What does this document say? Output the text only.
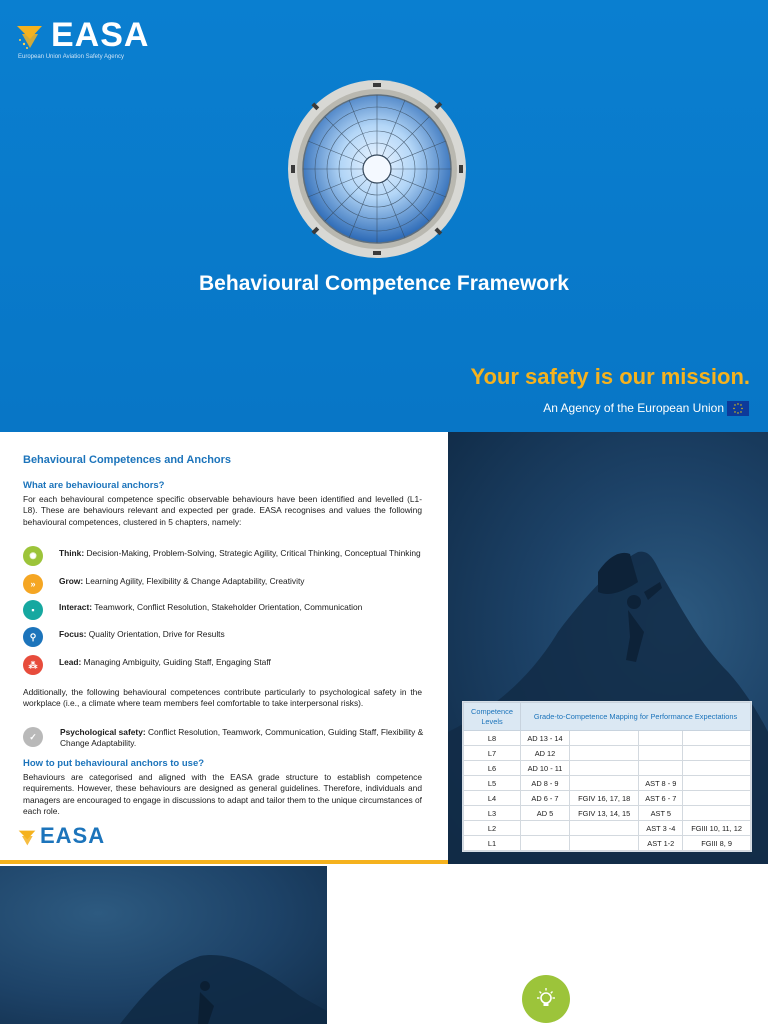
EASA
European Union Aviation Safety Agency
Behavioural Competence Framework
Your safety is our mission.
An Agency of the European Union
Behavioural Competences and Anchors
What are behavioural anchors?

For each behavioural competence specific observable behaviours have been identified and levelled (L1-L8). These are behaviours relevant and expected per grade. EASA recognises and values the following behavioural competences, clustered in 5 chapters, namely:

✺	Think: Decision-Making, Problem-Solving, Strategic Agility, Critical Thinking, Conceptual Thinking
»	Grow: Learning Agility, Flexibility & Change Adaptability, Creativity
▪	Interact: Teamwork, Conflict Resolution, Stakeholder Orientation, Communication
⚲	Focus: Quality Orientation, Drive for Results
⁂	Lead: Managing Ambiguity, Guiding Staff, Engaging Staff

Additionally, the following behavioural competences contribute particularly to psychological safety in the workplace (i.e., a climate where team members feel comfortable to take interpersonal risks).

✓	Psychological safety: Conflict Resolution, Teamwork, Communication, Guiding Staff, Flexibility & Change Adaptability.
How to put behavioural anchors to use?

Behaviours are categorised and aligned with the EASA grade structure to establish competence requirements. However, these behaviours are designed as general guidelines. Therefore, individuals and managers are encouraged to engage in discussions to adapt and tailor them to the unique circumstances of each role.

EASA
Competence Levels	Grade-to-Competence Mapping for Performance Expectations			
L8	AD 13 - 14			
L7	AD 12			
L6	AD 10 - 11			
L5	AD 8 - 9		AST 8 - 9	
L4	AD 6 - 7	FGIV 16, 17, 18	AST 6 - 7	
L3	AD 5	FGIV 13, 14, 15	AST 5	
L2			AST 3 -4	FGIII 10, 11, 12
L1			AST 1-2	FGIII 8, 9
